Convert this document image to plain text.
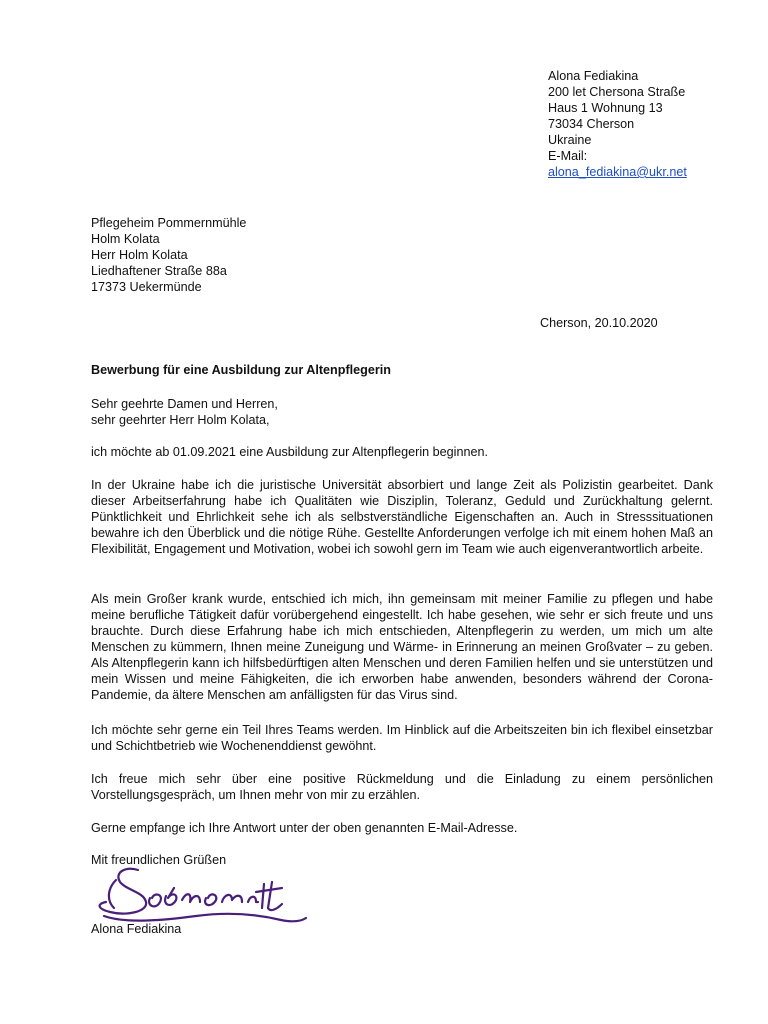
Alona Fediakina
200 let Chersona Straße
Haus 1 Wohnung 13
73034 Cherson
Ukraine
E-Mail:
alona_fediakina@ukr.net
Pflegeheim Pommernmühle
Holm Kolata
Herr Holm Kolata
Liedhaftener Straße 88a
17373 Uekermünde
Cherson, 20.10.2020
Bewerbung für eine Ausbildung zur Altenpflegerin
Sehr geehrte Damen und Herren,
sehr geehrter Herr Holm Kolata,
ich möchte ab 01.09.2021 eine Ausbildung zur Altenpflegerin beginnen.
In der Ukraine habe ich die juristische Universität absorbiert und lange Zeit als Polizistin gearbeitet. Dank dieser Arbeitserfahrung habe ich Qualitäten wie Disziplin, Toleranz, Geduld und Zurückhaltung gelernt. Pünktlichkeit und Ehrlichkeit sehe ich als selbstverständliche Eigenschaften an. Auch in Stresssituationen bewahre ich den Überblick und die nötige Rühe. Gestellte Anforderungen verfolge ich mit einem hohen Maß an Flexibilität, Engagement und Motivation, wobei ich sowohl gern im Team wie auch eigenverantwortlich arbeite.
Als mein Großer krank wurde, entschied ich mich, ihn gemeinsam mit meiner Familie zu pflegen und habe meine berufliche Tätigkeit dafür vorübergehend eingestellt. Ich habe gesehen, wie sehr er sich freute und uns brauchte. Durch diese Erfahrung habe ich mich entschieden, Altenpflegerin zu werden, um mich um alte Menschen zu kümmern, Ihnen meine Zuneigung und Wärme- in Erinnerung an meinen Großvater – zu geben. Als Altenpflegerin kann ich hilfsbedürftigen alten Menschen und deren Familien helfen und sie unterstützen und mein Wissen und meine Fähigkeiten, die ich erworben habe anwenden, besonders während der Corona-Pandemie, da ältere Menschen am anfälligsten für das Virus sind.
Ich möchte sehr gerne ein Teil Ihres Teams werden. Im Hinblick auf die Arbeitszeiten bin ich flexibel einsetzbar und Schichtbetrieb wie Wochenenddienst gewöhnt.
Ich freue mich sehr über eine positive Rückmeldung und die Einladung zu einem persönlichen Vorstellungsgespräch, um Ihnen mehr von mir zu erzählen.
Gerne empfange ich Ihre Antwort unter der oben genannten E-Mail-Adresse.
Mit freundlichen Grüßen
Alona Fediakina
